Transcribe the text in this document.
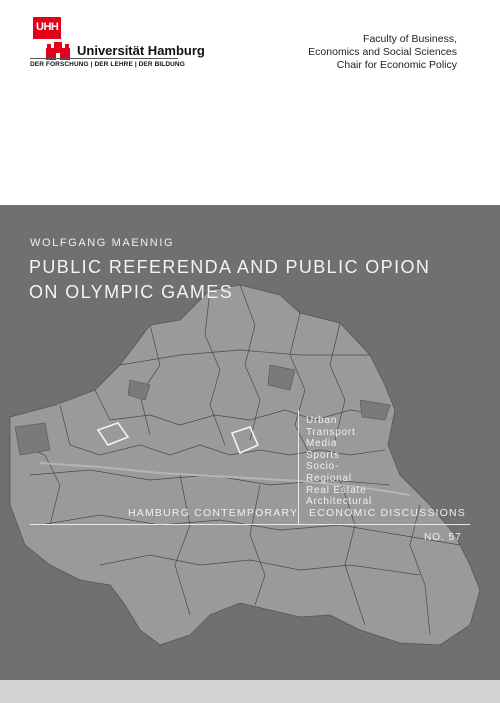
UHH
Universität Hamburg
DER FORSCHUNG | DER LEHRE | DER BILDUNG
Faculty of Business,
Economics and Social Sciences
Chair for Economic Policy
WOLFGANG MAENNIG
PUBLIC REFERENDA AND PUBLIC OPION
ON OLYMPIC GAMES
Urban
Transport
Media
Sports
Socio-
Regional
Real Estate
Architectural
HAMBURG CONTEMPORARY ECONOMIC DISCUSSIONS
NO. 57
